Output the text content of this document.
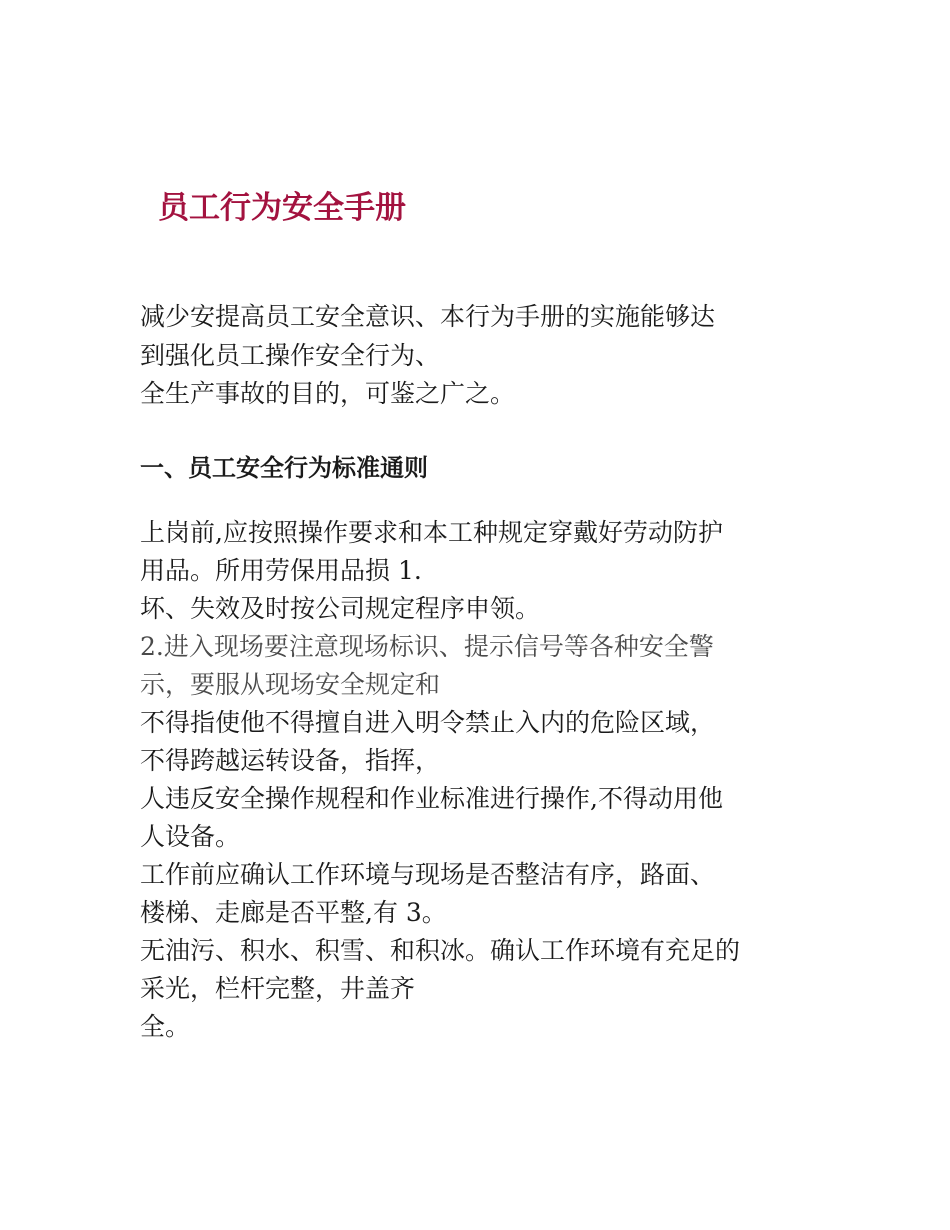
员工行为安全手册

减少安提高员工安全意识、本行为手册的实施能够达

到强化员工操作安全行为、

全生产事故的目的，可鉴之广之。

一、员工安全行为标准通则

上岗前,应按照操作要求和本工种规定穿戴好劳动防护

用品。所用劳保用品损 1.

坏、失效及时按公司规定程序申领。

2.进入现场要注意现场标识、提示信号等各种安全警

示，要服从现场安全规定和

不得指使他不得擅自进入明令禁止入内的危险区域，

不得跨越运转设备，指挥，

人违反安全操作规程和作业标准进行操作,不得动用他

人设备。

工作前应确认工作环境与现场是否整洁有序，路面、

楼梯、走廊是否平整,有 3。

无油污、积水、积雪、和积冰。确认工作环境有充足的

采光，栏杆完整，井盖齐

全。
